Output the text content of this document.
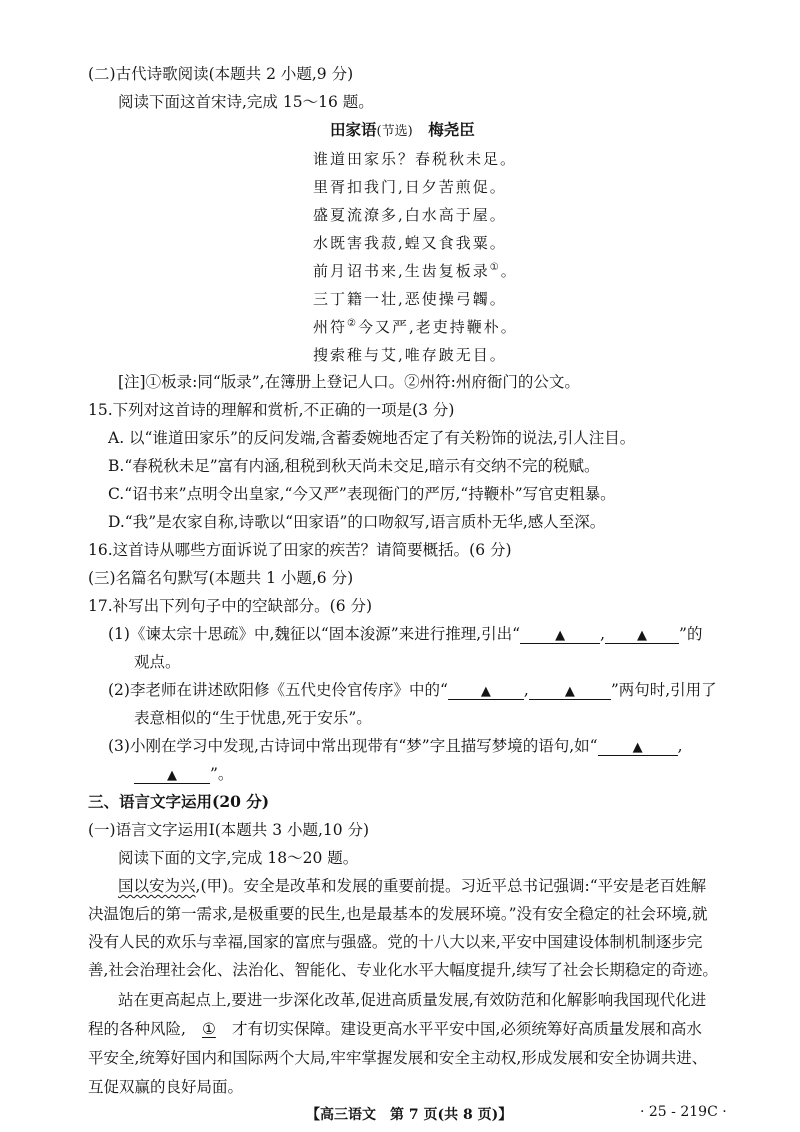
(二)古代诗歌阅读(本题共 2 小题,9 分)
阅读下面这首宋诗,完成 15～16 题。
田家语(节选)　 梅尧臣
谁道田家乐？春税秋未足。
里胥扣我门,日夕苦煎促。
盛夏流潦多,白水高于屋。
水既害我菽,蝗又食我粟。
前月诏书来,生齿复板录①。
三丁籍一壮,恶使操弓韣。
州符②今又严,老吏持鞭朴。
搜索稚与艾,唯存跛无目。
[注]①板录:同“版录”,在簿册上登记人口。②州符:州府衙门的公文。
15.下列对这首诗的理解和赏析,不正确的一项是(3 分)
A. 以“谁道田家乐”的反问发端,含蓄委婉地否定了有关粉饰的说法,引人注目。
B.“春税秋未足”富有内涵,租税到秋天尚未交足,暗示有交纳不完的税赋。
C.“诏书来”点明令出皇家,“今又严”表现衙门的严厉,“持鞭朴”写官吏粗暴。
D.“我”是农家自称,诗歌以“田家语”的口吻叙写,语言质朴无华,感人至深。
16.这首诗从哪些方面诉说了田家的疾苦？请简要概括。(6 分)
(三)名篇名句默写(本题共 1 小题,6 分)
17.补写出下列句子中的空缺部分。(6 分)
(1)《谏太宗十思疏》中,魏征以“固本浚源”来进行推理,引出“	▲ , ▲ ”的
观点。
(2)李老师在讲述欧阳修《五代史伶官传序》中的“	▲ ,	▲ ”两句时,引用了
表意相似的“生于忧患,死于安乐”。
(3)小刚在学习中发现,古诗词中常出现带有“梦”字且描写梦境的语句,如“	▲ ,
▲ ”。
三、语言文字运用(20 分)
(一)语言文字运用Ⅰ(本题共 3 小题,10 分)
阅读下面的文字,完成 18～20 题。
国以安为兴,(甲)。安全是改革和发展的重要前提。习近平总书记强调:“平安是老百姓解
决温饱后的第一需求,是极重要的民生,也是最基本的发展环境。”没有安全稳定的社会环境,就
没有人民的欢乐与幸福,国家的富庶与强盛。党的十八大以来,平安中国建设体制机制逐步完
善,社会治理社会化、法治化、智能化、专业化水平大幅度提升,续写了社会长期稳定的奇迹。
站在更高起点上,要进一步深化改革,促进高质量发展,有效防范和化解影响我国现代化进
程的各种风险, ① 才有切实保障。建设更高水平平安中国,必须统筹好高质量发展和高水
平安全,统筹好国内和国际两个大局,牢牢掌握发展和安全主动权,形成发展和安全协调共进、
互促双赢的良好局面。
【高三语文　第 7 页(共 8 页)】	· 25 - 219C ·
